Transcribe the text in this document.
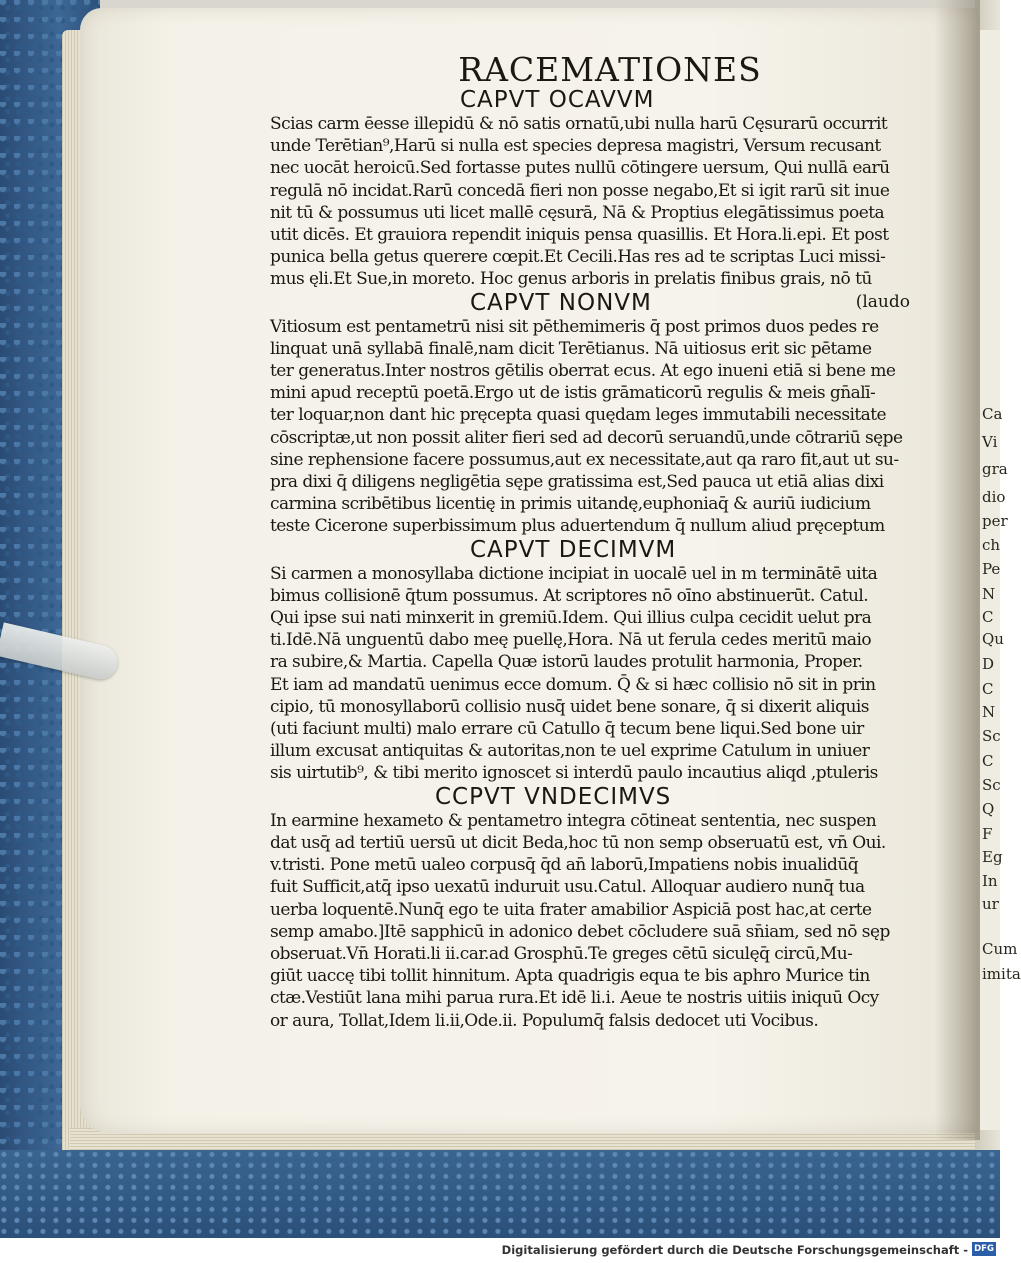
Ca
Vi
gra
dio
per
ch
Pe
N
C
Qu
D
C
N
Sc
C
Sc
Q
F
Eg
In
ur
Cum
imita
RACEMATIONES
CAPVT OCAVVM
Scias carm ēesse illepidū & nō satis ornatū,ubi nulla harū Cęsurarū occurrit
unde Terētian⁹,Harū si nulla est species depresa magistri, Versum recusant
nec uocāt heroicū.Sed fortasse putes nullū cōtingere uersum, Qui nullā earū
regulā nō incidat.Rarū concedā fieri non posse negabo,Et si igit rarū sit inue
nit tū & possumus uti licet mallē cęsurā, Nā & Proptius elegātissimus poeta
utit dicēs. Et grauiora rependit iniquis pensa quasillis. Et Hora.li.epi. Et post
punica bella getus querere cœpit.Et Cecili.Has res ad te scriptas Luci missi-
mus ęli.Et Sue,in moreto. Hoc genus arboris in prelatis finibus grais, nō tū
CAPVT NONVM	(laudo
Vitiosum est pentametrū nisi sit pēthemimeris q̄ post primos duos pedes re
linquat unā syllabā finalē,nam dicit Terētianus. Nā uitiosus erit sic pētame
ter generatus.Inter nostros gētilis oberrat ecus. At ego inueni etiā si bene me
mini apud receptū poetā.Ergo ut de istis grāmaticorū regulis & meis gn̄alī-
ter loquar,non dant hic pręcepta quasi quędam leges immutabili necessitate
cōscriptæ,ut non possit aliter fieri sed ad decorū seruandū,unde cōtrariū sępe
sine rephensione facere possumus,aut ex necessitate,aut qa raro fit,aut ut su-
pra dixi q̄ diligens negligētia sępe gratissima est,Sed pauca ut etiā alias dixi
carmina scribētibus licentię in primis uitandę,euphoniaq̄ & auriū iudicium
teste Cicerone superbissimum plus aduertendum q̄ nullum aliud pręceptum
CAPVT DECIMVM
Si carmen a monosyllaba dictione incipiat in uocalē uel in m terminātē uita
bimus collisionē q̄tum possumus. At scriptores nō oīno abstinuerūt. Catul.
Qui ipse sui nati minxerit in gremiū.Idem. Qui illius culpa cecidit uelut pra
ti.Idē.Nā unguentū dabo meę puellę,Hora. Nā ut ferula cedes meritū maio
ra subire,& Martia. Capella Quæ istorū laudes protulit harmonia, Proper.
Et iam ad mandatū uenimus ecce domum. Q̄ & si hæc collisio nō sit in prin
cipio, tū monosyllaborū collisio nusq̄ uidet bene sonare, q̄ si dixerit aliquis
(uti faciunt multi) malo errare cū Catullo q̄ tecum bene liqui.Sed bone uir
illum excusat antiquitas & autoritas,non te uel exprime Catulum in uniuer
sis uirtutib⁹, & tibi merito ignoscet si interdū paulo incautius aliqd ,ptuleris
CCPVT VNDECIMVS
In earmine hexameto & pentametro integra cōtineat sententia, nec suspen
dat usq̄ ad tertiū uersū ut dicit Beda,hoc tū non semp obseruatū est, vn̄ Oui.
v.tristi. Pone metū ualeo corpusq̄ q̄d an̄ laborū,Impatiens nobis inualidūq̄
fuit Sufficit,atq̄ ipso uexatū induruit usu.Catul. Alloquar audiero nunq̄ tua
uerba loquentē.Nunq̄ ego te uita frater amabilior Aspiciā post hac,at certe
semp amabo.]Itē sapphicū in adonico debet cōcludere suā sn̄iam, sed nō sęp
obseruat.Vn̄ Horati.li ii.car.ad Grosphū.Te greges cētū siculęq̄ circū,Mu-
giūt uaccę tibi tollit hinnitum. Apta quadrigis equa te bis aphro Murice tin
ctæ.Vestiūt lana mihi parua rura.Et idē li.i. Aeue te nostris uitiis iniquū Ocy
or aura, Tollat,Idem li.ii,Ode.ii. Populumq̄ falsis dedocet uti Vocibus.
Digitalisierung gefördert durch die Deutsche Forschungsgemeinschaft - DFG
